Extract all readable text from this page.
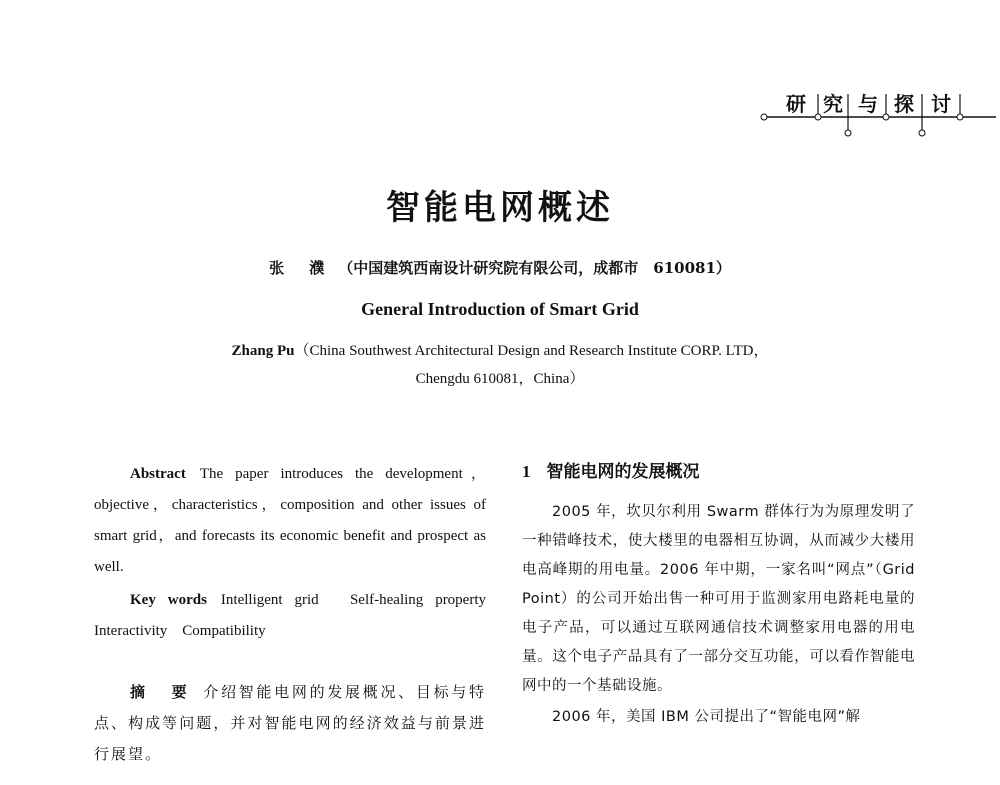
研 究 与 探 讨
智能电网概述
张 濮 （中国建筑西南设计研究院有限公司，成都市　610081）
General Introduction of Smart Grid
Zhang Pu（China Southwest Architectural Design and Research Institute CORP. LTD，
Chengdu 610081，China）

Abstract The paper introduces the development，objective，characteristics，composition and other issues of smart grid，and forecasts its economic benefit and prospect as well.

Key words Intelligent grid　Self‑healing property　Interactivity　Compatibility

摘 要 介绍智能电网的发展概况、目标与特点、构成等问题，并对智能电网的经济效益与前景进行展望。

1 智能电网的发展概况

2005 年，坎贝尔利用 Swarm 群体行为为原理发明了一种错峰技术，使大楼里的电器相互协调，从而减少大楼用电高峰期的用电量。2006 年中期，一家名叫“网点”（Grid Point）的公司开始出售一种可用于监测家用电路耗电量的电子产品，可以通过互联网通信技术调整家用电器的用电量。这个电子产品具有了一部分交互功能，可以看作智能电网中的一个基础设施。

2006 年，美国 IBM 公司提出了“智能电网”解
